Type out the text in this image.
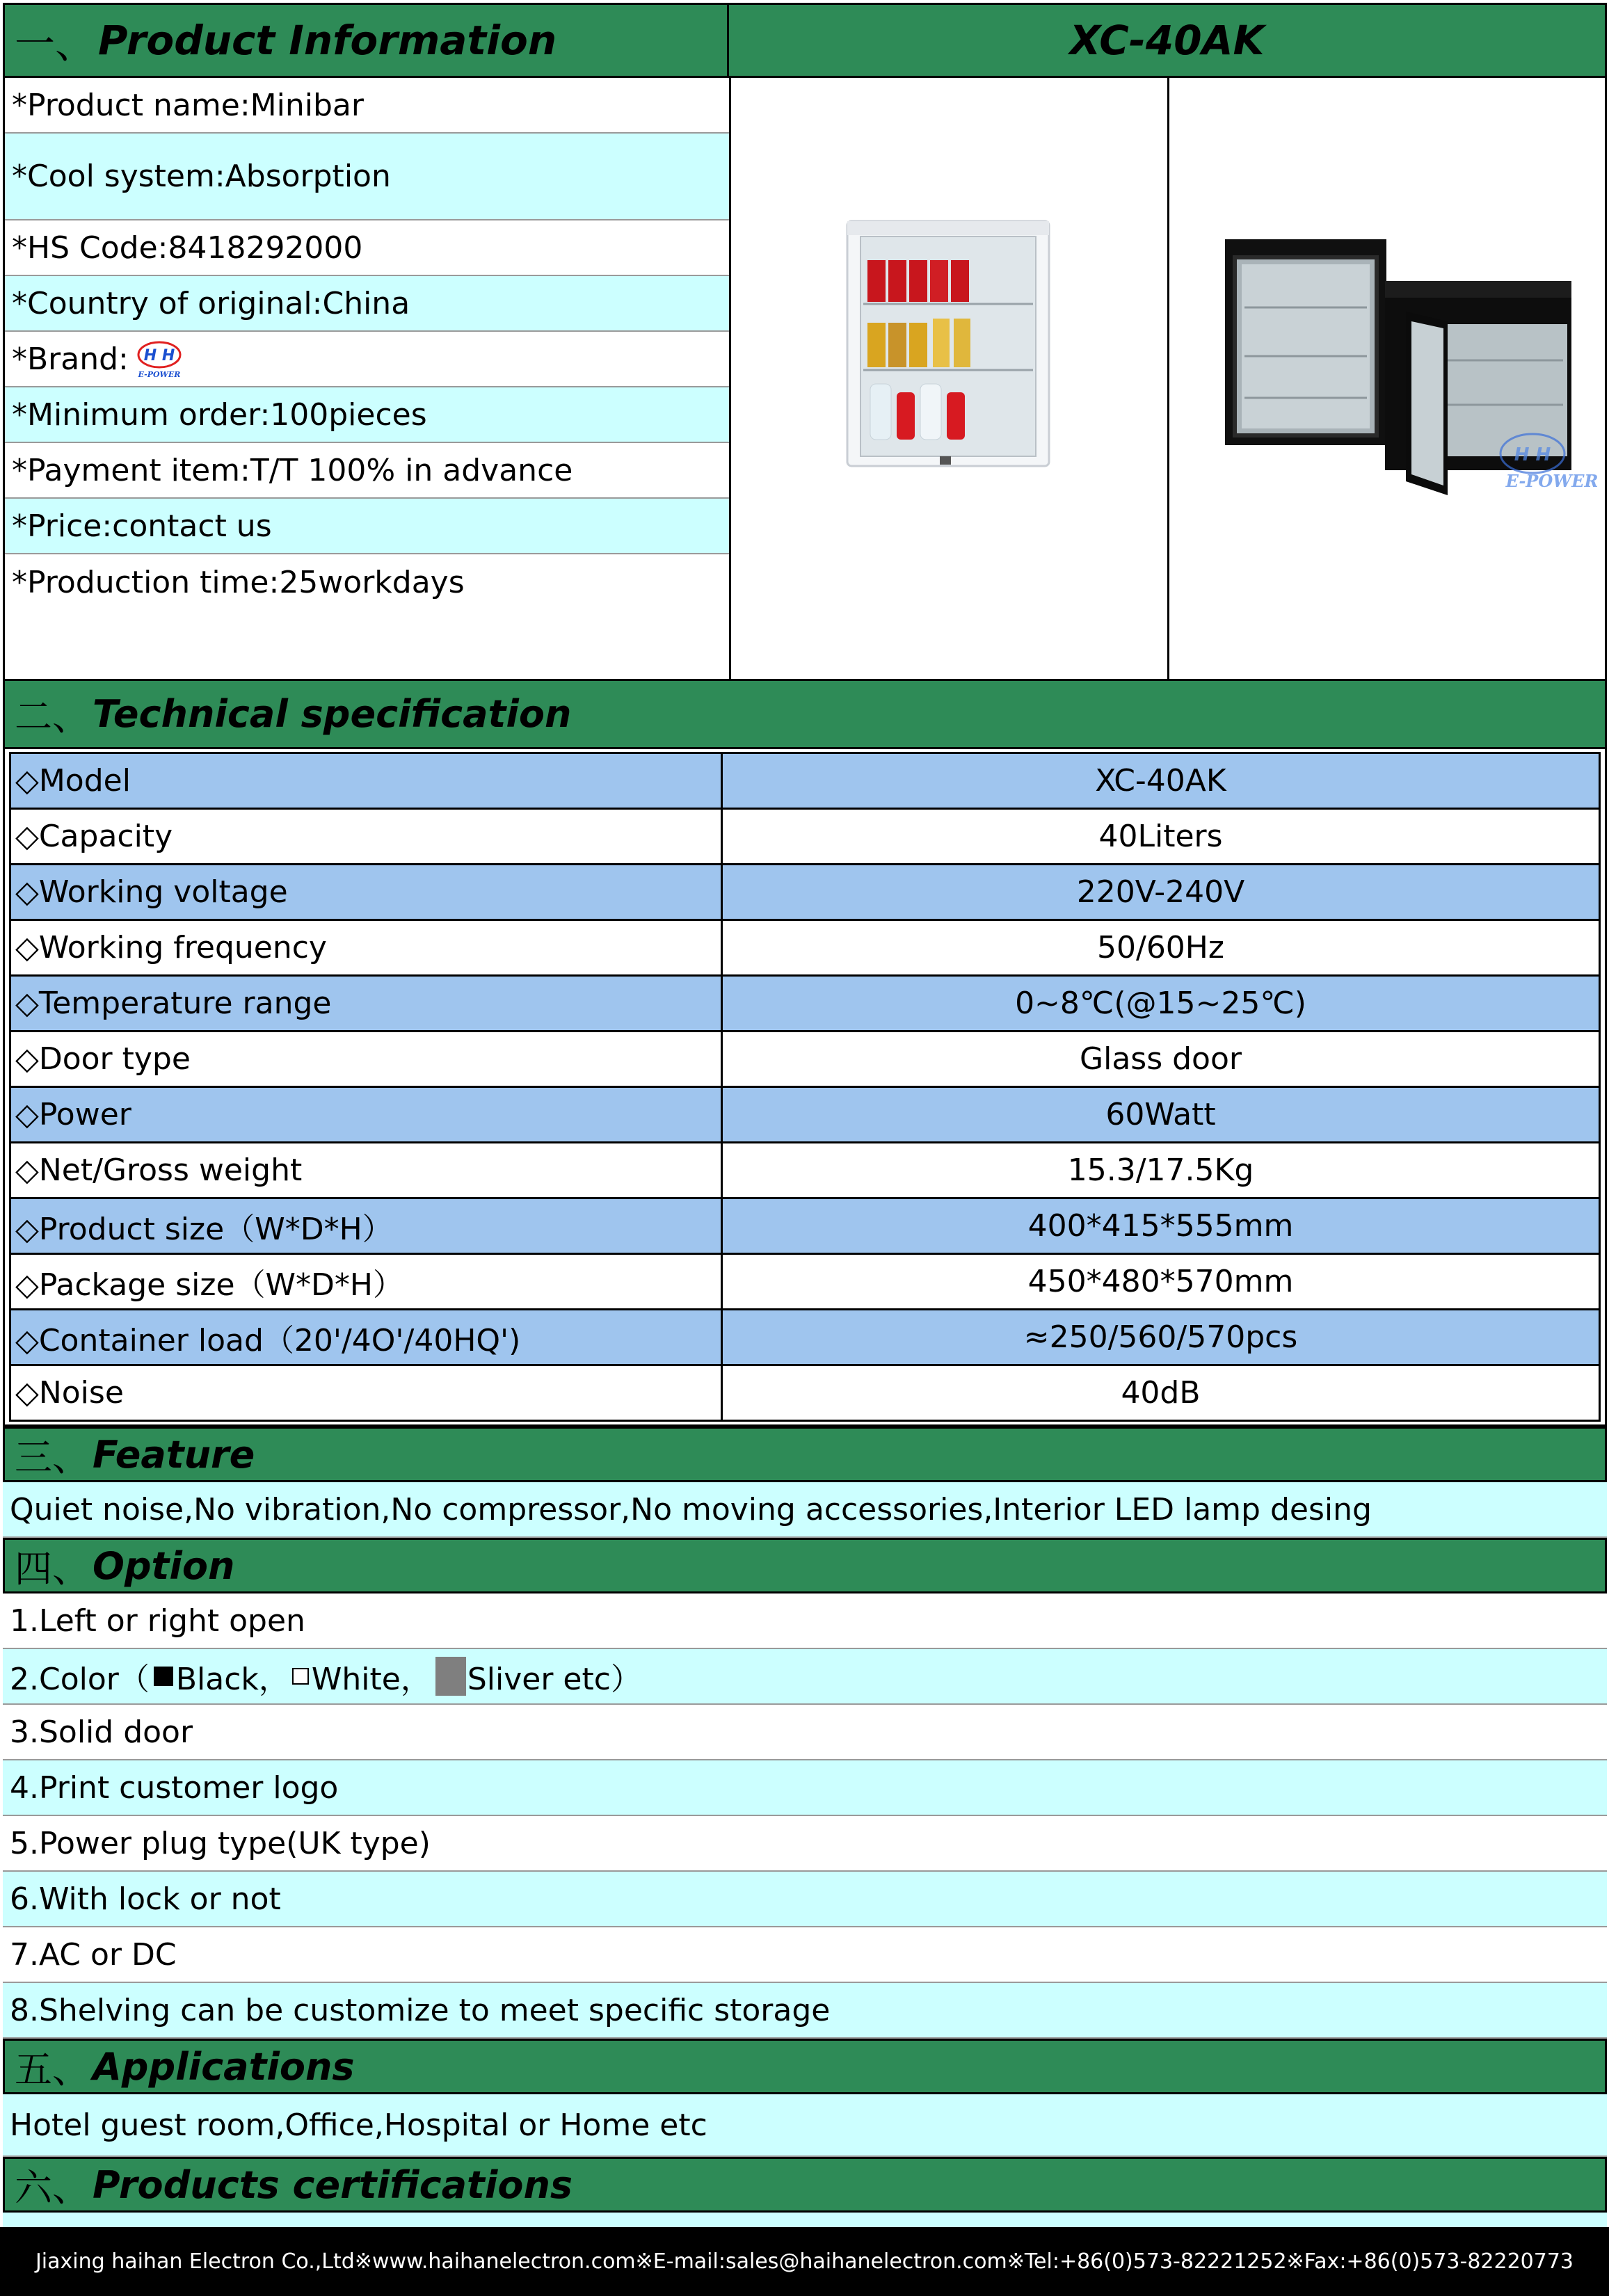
一、 Product Information	XC-40AK
*Product name:Minibar
*Cool system:Absorption
*HS Code:8418292000
*Country of original:China
*Brand: H H
E-POWER
*Minimum order:100pieces
*Payment item:T/T 100% in advance
*Price:contact us
*Production time:25workdays
H H
E-POWER
二、 Technical specification
◇Model	XC-40AK
◇Capacity	40Liters
◇Working voltage	220V-240V
◇Working frequency	50/60Hz
◇Temperature range	0~8℃(@15~25℃)
◇Door type	Glass door
◇Power	60Watt
◇Net/Gross weight	15.3/17.5Kg
◇Product size（W*D*H）	400*415*555mm
◇Package size（W*D*H）	450*480*570mm
◇Container load（20'/4O'/40HQ')	≈250/560/570pcs
◇Noise	40dB
三、 Feature
Quiet noise,No vibration,No compressor,No moving accessories,Interior LED lamp desing
四、 Option
1.Left or right open
2.Color（ Black， White， Sliver etc）
3.Solid door
4.Print customer logo
5.Power plug type(UK type)
6.With lock or not
7.AC or DC
8.Shelving can be customize to meet specific storage
五、 Applications
Hotel guest room,Office,Hospital or Home etc
六、 Products certifications
Jiaxing haihan Electron Co.,Ltd※www.haihanelectron.com※E-mail:sales@haihanelectron.com※Tel:+86(0)573-82221252※Fax:+86(0)573-82220773
